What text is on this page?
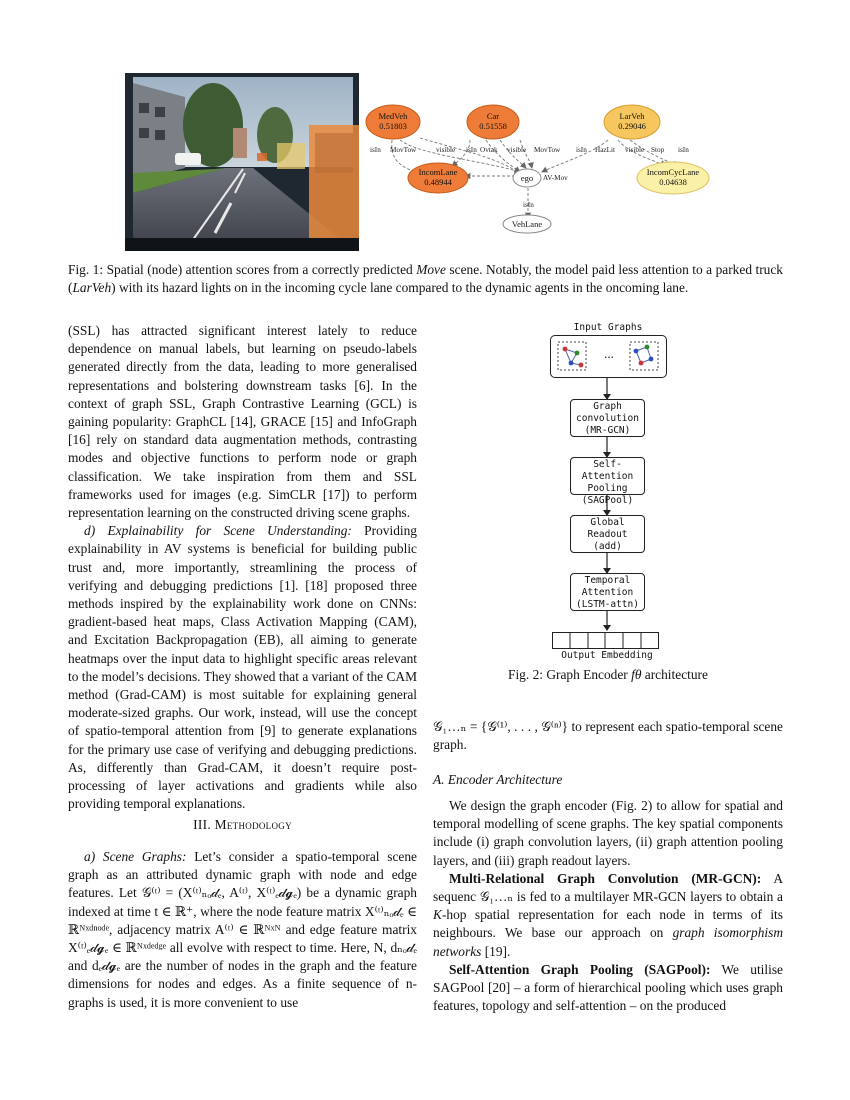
MedVeh
0.51803
Car
0.51558
LarVeh
0.29046
IncomLane
0.48944	ego
IncomCycLane
0.04638
VehLane
isIn MovTow	visible isIn Ovtak visible MovTow isIn HazLit visible Stop isIn
AV-Mov
isIn
Fig. 1: Spatial (node) attention scores from a correctly predicted Move scene. Notably, the model paid less attention to a parked truck (LarVeh) with its hazard lights on in the incoming cycle lane compared to the dynamic agents in the oncoming lane.

(SSL) has attracted significant interest lately to reduce dependence on manual labels, but learning on pseudo-labels generated directly from the data, leading to more generalised representations and bolstering downstream tasks [6]. In the context of graph SSL, Graph Contrastive Learning (GCL) is gaining popularity: GraphCL [14], GRACE [15] and InfoGraph [16] rely on standard data augmentation methods, contrasting modes and objective functions to perform node or graph classification. We take inspiration from them and SSL frameworks used for images (e.g. SimCLR [17]) to perform representation learning on the constructed driving scene graphs.

d) Explainability for Scene Understanding: Providing explainability in AV systems is beneficial for building public trust and, more importantly, streamlining the process of verifying and debugging predictions [1]. [18] proposed three methods inspired by the explainability work done on CNNs: gradient-based heat maps, Class Activation Mapping (CAM), and Excitation Backpropagation (EB), all aiming to generate heatmaps over the input data to highlight specific areas relevant to the model’s decisions. They showed that a variant of the CAM method (Grad-CAM) is most suitable for explaining general moderate-sized graphs. Our work, instead, will use the concept of spatio-temporal attention from [9] to generate explanations for the primary use case of verifying and debugging predictions. As, differently than Grad-CAM, it doesn’t require post-processing of layer activations and gradients while also providing temporal explanations.

III. Methodology

a) Scene Graphs: Let’s consider a spatio-temporal scene graph as an attributed dynamic graph with node and edge features. Let 𝒢⁽ᵗ⁾ = (X⁽ᵗ⁾ₙₒ𝒹ₑ, A⁽ᵗ⁾, X⁽ᵗ⁾ₑ𝒹𝓰ₑ) be a dynamic graph indexed at time t ∈ ℝ⁺, where the node feature matrix X⁽ᵗ⁾ₙₒ𝒹ₑ ∈ ℝᴺˣᵈⁿᵒᵈᵉ, adjacency matrix A⁽ᵗ⁾ ∈ ℝᴺˣᴺ and edge feature matrix X⁽ᵗ⁾ₑ𝒹𝓰ₑ ∈ ℝᴺˣᵈᵉᵈᵍᵉ all evolve with respect to time. Here, N, dₙₒ𝒹ₑ and dₑ𝒹𝓰ₑ are the number of nodes in the graph and the feature dimensions for nodes and edges. As a finite sequence of n-graphs is used, it is more convenient to use

Input Graphs
...
Graph
convolution
(MR-GCN)
Self-Attention
Pooling
(SAGPool)
Global
Readout
(add)
Temporal
Attention
(LSTM-attn)
Output Embedding
Fig. 2: Graph Encoder fθ architecture

𝒢₁…ₙ = {𝒢⁽¹⁾, . . . , 𝒢⁽ⁿ⁾} to represent each spatio-temporal scene graph.

A. Encoder Architecture

We design the graph encoder (Fig. 2) to allow for spatial and temporal modelling of scene graphs. The key spatial components include (i) graph convolution layers, (ii) graph attention pooling layers, and (iii) graph readout layers.

Multi-Relational Graph Convolution (MR-GCN): A sequenc 𝒢₁…ₙ is fed to a multilayer MR-GCN layers to obtain a K-hop spatial representation for each node in terms of its neighbours. We base our approach on graph isomorphism networks [19].

Self-Attention Graph Pooling (SAGPool): We utilise SAGPool [20] – a form of hierarchical pooling which uses graph features, topology and self-attention – on the produced
